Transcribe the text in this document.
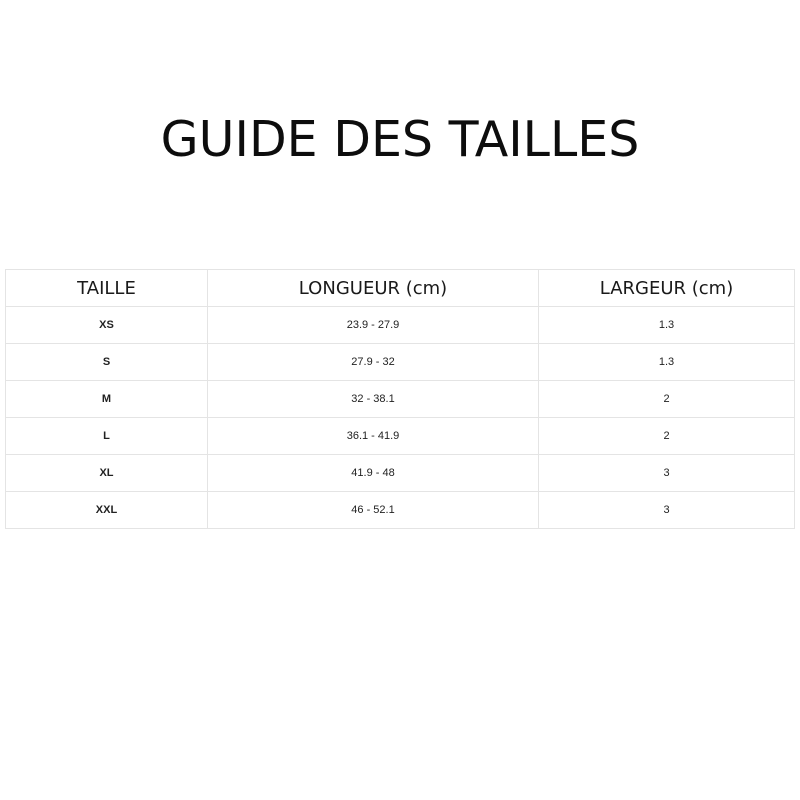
GUIDE DES TAILLES
TAILLE	LONGUEUR (cm)	LARGEUR (cm)
XS	23.9 - 27.9	1.3
S	27.9 - 32	1.3
M	32 - 38.1	2
L	36.1 - 41.9	2
XL	41.9 - 48	3
XXL	46 - 52.1	3
